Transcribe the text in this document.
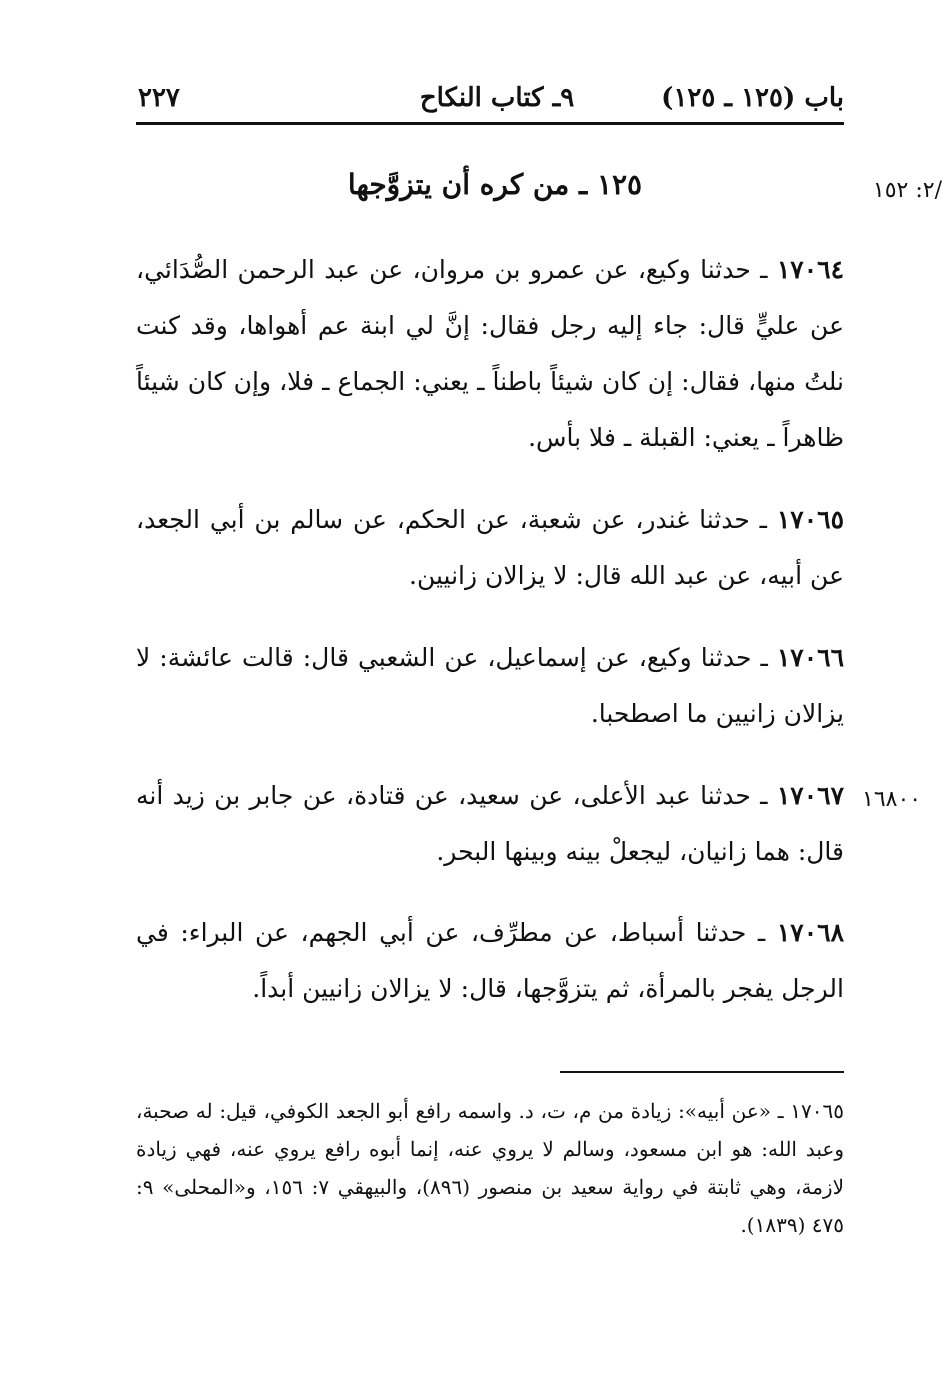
٢٢٧	٩ـ كتاب النكاح	باب (١٢٥ ـ ١٢٥)
/٢: ١٥٢
١٢٥ ـ من كره أن يتزوَّجها
١٧٠٦٤ ـ حدثنا وكيع، عن عمرو بن مروان، عن عبد الرحمن الصُّدَائي، عن عليٍّ قال: جاء إليه رجل فقال: إنَّ لي ابنة عم أهواها، وقد كنت نلتُ منها، فقال: إن كان شيئاً باطناً ـ يعني: الجماع ـ فلا، وإن كان شيئاً ظاهراً ـ يعني: القبلة ـ فلا بأس.
١٧٠٦٥ ـ حدثنا غندر، عن شعبة، عن الحكم، عن سالم بن أبي الجعد، عن أبيه، عن عبد الله قال: لا يزالان زانيين.
١٧٠٦٦ ـ حدثنا وكيع، عن إسماعيل، عن الشعبي قال: قالت عائشة: لا يزالان زانيين ما اصطحبا.
١٦٨٠٠
١٧٠٦٧ ـ حدثنا عبد الأعلى، عن سعيد، عن قتادة، عن جابر بن زيد أنه قال: هما زانيان، ليجعلْ بينه وبينها البحر.
١٧٠٦٨ ـ حدثنا أسباط، عن مطرِّف، عن أبي الجهم، عن البراء: في الرجل يفجر بالمرأة، ثم يتزوَّجها، قال: لا يزالان زانيين أبداً.
١٧٠٦٥ ـ «عن أبيه»: زيادة من م، ت، د. واسمه رافع أبو الجعد الكوفي، قيل: له صحبة، وعبد الله: هو ابن مسعود، وسالم لا يروي عنه، إنما أبوه رافع يروي عنه، فهي زيادة لازمة، وهي ثابتة في رواية سعيد بن منصور (٨٩٦)، والبيهقي ٧: ١٥٦، و«المحلى» ٩: ٤٧٥ (١٨٣٩).
